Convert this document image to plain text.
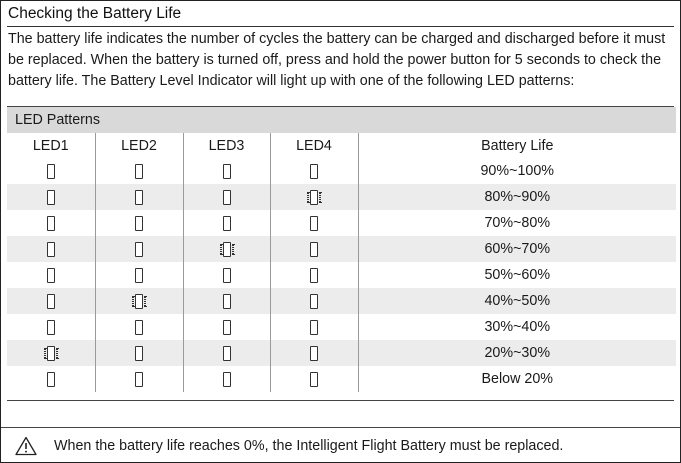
Checking the Battery Life
The battery life indicates the number of cycles the battery can be charged and discharged before it must be replaced. When the battery is turned off, press and hold the power button for 5 seconds to check the battery life. The Battery Level Indicator will light up with one of the following LED patterns:
LED Patterns				
LED1	LED2	LED3	LED4	Battery Life
				90%~100%
				80%~90%
				70%~80%
				60%~70%
				50%~60%
				40%~50%
				30%~40%
				20%~30%
				Below 20%
When the battery life reaches 0%, the Intelligent Flight Battery must be replaced.
